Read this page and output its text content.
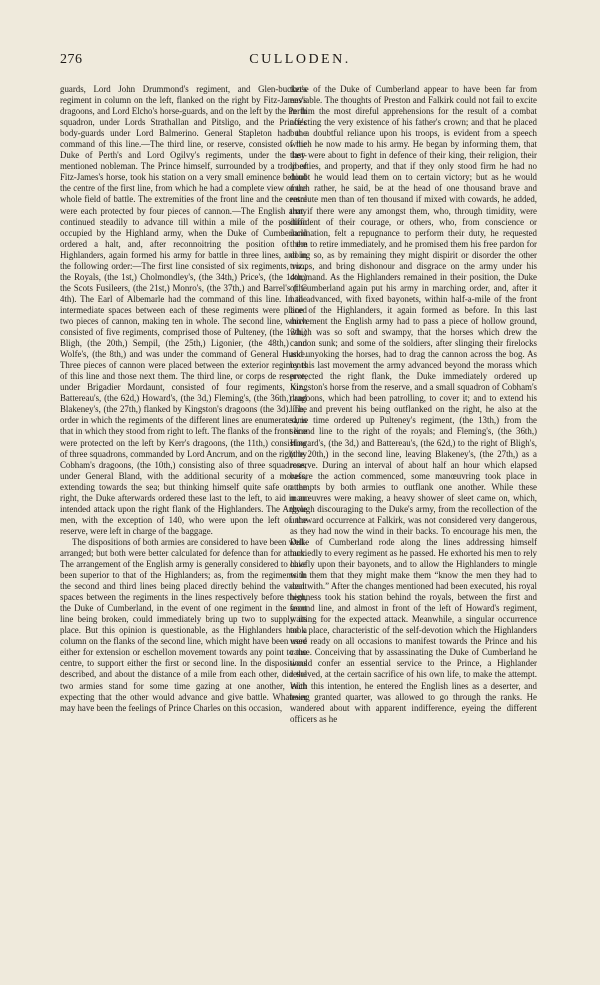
276	CULLODEN.

guards, Lord John Drummond's regiment, and Glen-bucket's regiment in column on the left, flanked on the right by Fitz-James's dragoons, and Lord Elcho's horse-guards, and on the left by the Perth squadron, under Lords Strathallan and Pitsligo, and the Prince's body-guards under Lord Balmerino. General Stapleton had the command of this line.—The third line, or reserve, consisted of the Duke of Perth's and Lord Ogilvy's regiments, under the last-mentioned nobleman. The Prince himself, surrounded by a troop of Fitz-James's horse, took his station on a very small eminence behind the centre of the first line, from which he had a complete view of the whole field of battle. The extremities of the front line and the centre were each protected by four pieces of cannon.—The English army continued steadily to advance till within a mile of the position occupied by the Highland army, when the Duke of Cumberland ordered a halt, and, after reconnoitring the position of the Highlanders, again formed his army for battle in three lines, and in the following order:—The first line consisted of six regiments, viz., the Royals, (the 1st,) Cholmondley's, (the 34th,) Price's, (the 14th,) the Scots Fusileers, (the 21st,) Monro's, (the 37th,) and Barrel's (the 4th). The Earl of Albemarle had the command of this line. In the intermediate spaces between each of these regiments were placed two pieces of cannon, making ten in whole. The second line, which consisted of five regiments, comprised those of Pulteney, (the 13th,) Bligh, (the 20th,) Sempil, (the 25th,) Ligonier, (the 48th,) and Wolfe's, (the 8th,) and was under the command of General Huske. Three pieces of cannon were placed between the exterior regiments of this line and those next them. The third line, or corps de reserve, under Brigadier Mordaunt, consisted of four regiments, viz., Battereau's, (the 62d,) Howard's, (the 3d,) Fleming's, (the 36th,) and Blakeney's, (the 27th,) flanked by Kingston's dragoons (the 3d). The order in which the regiments of the different lines are enumerated, is that in which they stood from right to left. The flanks of the front line were protected on the left by Kerr's dragoons, (the 11th,) consisting of three squadrons, commanded by Lord Ancrum, and on the right by Cobham's dragoons, (the 10th,) consisting also of three squadrons, under General Bland, with the additional security of a morass, extending towards the sea; but thinking himself quite safe on the right, the Duke afterwards ordered these last to the left, to aid in an intended attack upon the right flank of the Highlanders. The Argyle men, with the exception of 140, who were upon the left of the reserve, were left in charge of the baggage.

The dispositions of both armies are considered to have been well-arranged; but both were better calculated for defence than for attack. The arrangement of the English army is generally considered to have been superior to that of the Highlanders; as, from the regiments in the second and third lines being placed directly behind the vacant spaces between the regiments in the lines respectively before them, the Duke of Cumberland, in the event of one regiment in the front line being broken, could immediately bring up two to supply its place. But this opinion is questionable, as the Highlanders had a column on the flanks of the second line, which might have been used either for extension or eschellon movement towards any point to the centre, to support either the first or second line. In the dispositions described, and about the distance of a mile from each other, did the two armies stand for some time gazing at one another, each expecting that the other would advance and give battle. Whatever may have been the feelings of Prince Charles on this occasion,

those of the Duke of Cumberland appear to have been far from enviable. The thoughts of Preston and Falkirk could not fail to excite in him the most direful apprehensions for the result of a combat affecting the very existence of his father's crown; and that he placed but a doubtful reliance upon his troops, is evident from a speech which he now made to his army. He began by informing them, that they were about to fight in defence of their king, their religion, their liberties, and property, and that if they only stood firm he had no doubt he would lead them on to certain victory; but as he would much rather, he said, be at the head of one thousand brave and resolute men than of ten thousand if mixed with cowards, he added, that if there were any amongst them, who, through timidity, were diffident of their courage, or others, who, from conscience or inclination, felt a repugnance to perform their duty, he requested them to retire immediately, and he promised them his free pardon for doing so, as by remaining they might dispirit or disorder the other troops, and bring dishonour and disgrace on the army under his command. As the Highlanders remained in their position, the Duke of Cumberland again put his army in marching order, and, after it had advanced, with fixed bayonets, within half-a-mile of the front line of the Highlanders, it again formed as before. In this last movement the English army had to pass a piece of hollow ground, which was so soft and swampy, that the horses which drew the cannon sunk; and some of the soldiers, after slinging their firelocks and unyoking the horses, had to drag the cannon across the bog. As by this last movement the army advanced beyond the morass which protected the right flank, the Duke immediately ordered up Kingston's horse from the reserve, and a small squadron of Cobham's dragoons, which had been patrolling, to cover it; and to extend his line, and prevent his being outflanked on the right, he also at the same time ordered up Pulteney's regiment, (the 13th,) from the second line to the right of the royals; and Fleming's, (the 36th,) Howard's, (the 3d,) and Battereau's, (the 62d,) to the right of Bligh's, (the 20th,) in the second line, leaving Blakeney's, (the 27th,) as a reserve. During an interval of about half an hour which elapsed before the action commenced, some manœuvring took place in attempts by both armies to outflank one another. While these manœuvres were making, a heavy shower of sleet came on, which, though discouraging to the Duke's army, from the recollection of the untoward occurrence at Falkirk, was not considered very dangerous, as they had now the wind in their backs. To encourage his men, the Duke of Cumberland rode along the lines addressing himself hurriedly to every regiment as he passed. He exhorted his men to rely chiefly upon their bayonets, and to allow the Highlanders to mingle with them that they might make them “know the men they had to deal with.” After the changes mentioned had been executed, his royal highness took his station behind the royals, between the first and second line, and almost in front of the left of Howard's regiment, waiting for the expected attack. Meanwhile, a singular occurrence took place, characteristic of the self-devotion which the Highlanders were ready on all occasions to manifest towards the Prince and his cause. Conceiving that by assassinating the Duke of Cumberland he would confer an essential service to the Prince, a Highlander resolved, at the certain sacrifice of his own life, to make the attempt. With this intention, he entered the English lines as a deserter, and being granted quarter, was allowed to go through the ranks. He wandered about with apparent indifference, eyeing the different officers as he
